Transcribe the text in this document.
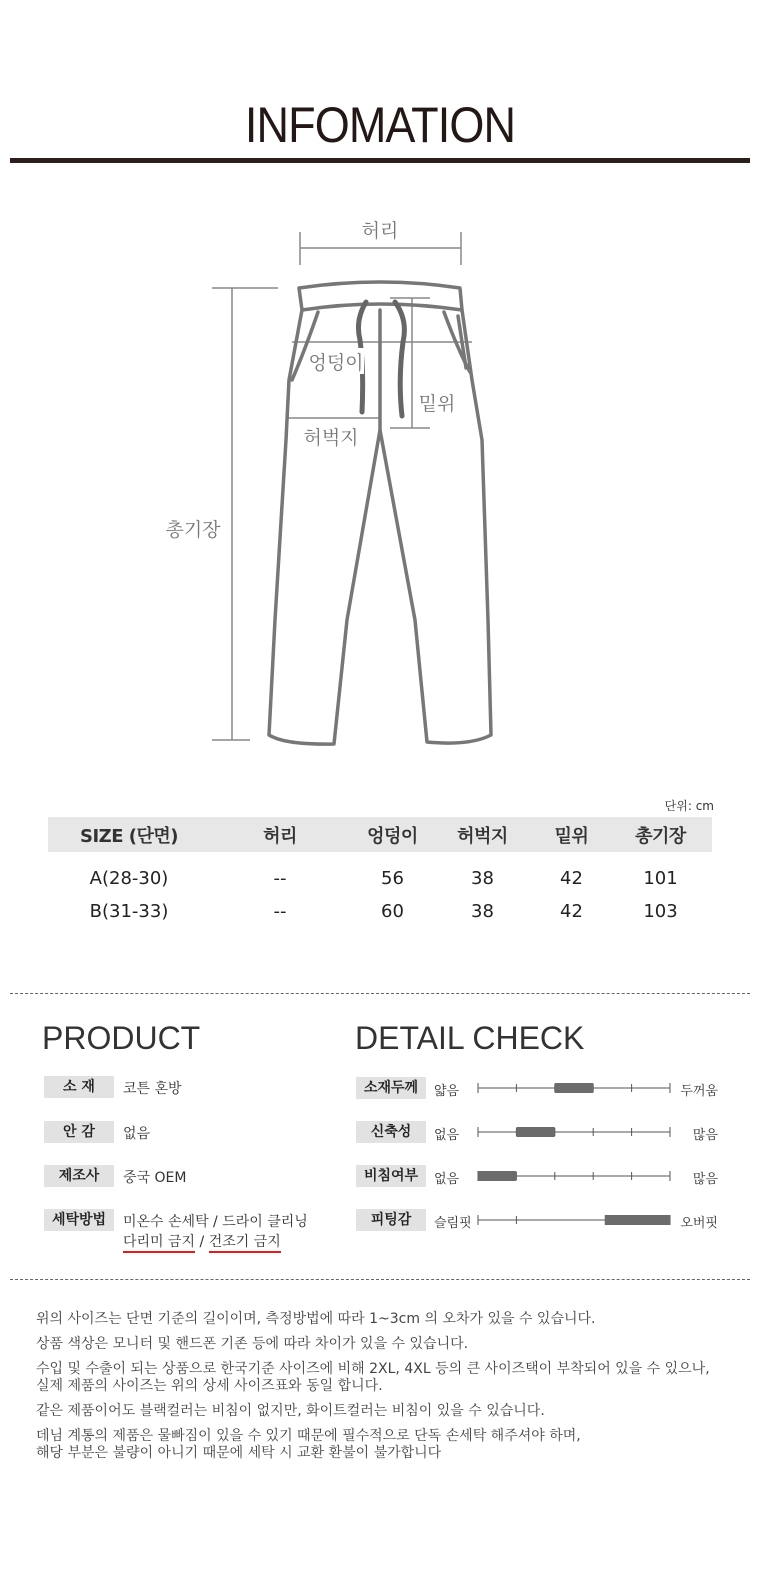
INFOMATION
허리
엉덩이
밑위
허벅지
총기장
단위: cm
SIZE (단면)	허리	엉덩이	허벅지	밑위	총기장
A(28-30)	--	56	38	42	101
B(31-33)	--	60	38	42	103
PRODUCT
소 재	코튼 혼방
안 감	없음
제조사	중국 OEM
세탁방법	미온수 손세탁 / 드라이 클리닝
다리미 금지 / 건조기 금지
DETAIL CHECK
소재두께	얇음	두꺼움
신축성	없음	많음
비침여부	없음	많음
피팅감	슬림핏	오버핏
위의 사이즈는 단면 기준의 길이이며, 측정방법에 따라 1~3cm 의 오차가 있을 수 있습니다.
상품 색상은 모니터 및 핸드폰 기존 등에 따라 차이가 있을 수 있습니다.
수입 및 수출이 되는 상품으로 한국기준 사이즈에 비해 2XL, 4XL 등의 큰 사이즈택이 부착되어 있을 수 있으나,
실제 제품의 사이즈는 위의 상세 사이즈표와 동일 합니다.
같은 제품이어도 블랙컬러는 비침이 없지만, 화이트컬러는 비침이 있을 수 있습니다.
데님 계통의 제품은 물빠짐이 있을 수 있기 때문에 필수적으로 단독 손세탁 해주셔야 하며,
해당 부분은 불량이 아니기 때문에 세탁 시 교환 환불이 불가합니다
